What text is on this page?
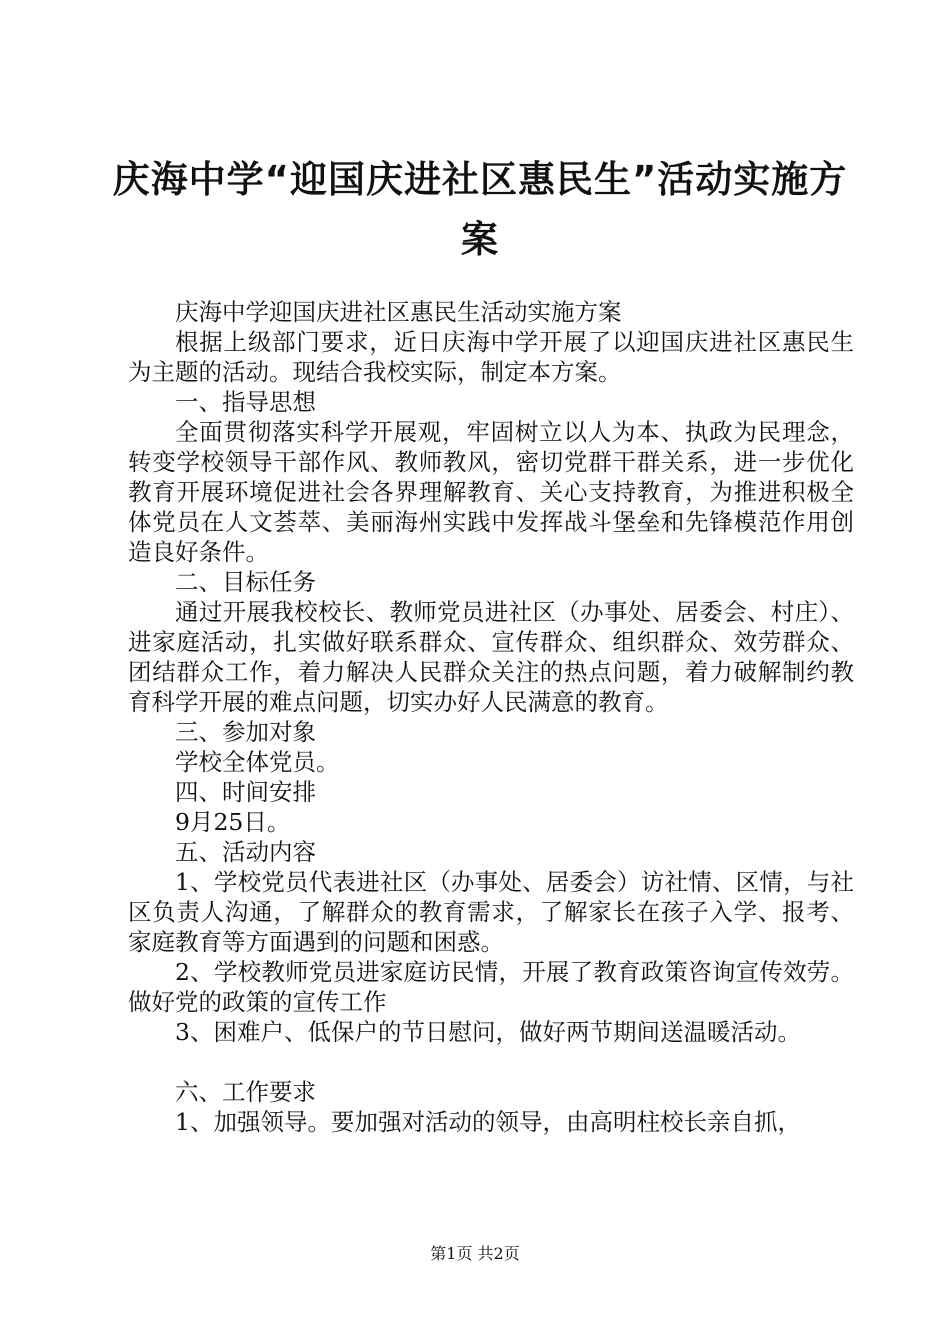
庆海中学“迎国庆进社区惠民生”活动实施方案

庆海中学迎国庆进社区惠民生活动实施方案

根据上级部门要求，近日庆海中学开展了以迎国庆进社区惠民生为主题的活动。现结合我校实际，制定本方案。

一、指导思想

全面贯彻落实科学开展观，牢固树立以人为本、执政为民理念，转变学校领导干部作风、教师教风，密切党群干群关系，进一步优化教育开展环境促进社会各界理解教育、关心支持教育，为推进积极全体党员在人文荟萃、美丽海州实践中发挥战斗堡垒和先锋模范作用创造良好条件。

二、目标任务

通过开展我校校长、教师党员进社区（办事处、居委会、村庄）、进家庭活动，扎实做好联系群众、宣传群众、组织群众、效劳群众、团结群众工作，着力解决人民群众关注的热点问题，着力破解制约教育科学开展的难点问题，切实办好人民满意的教育。

三、参加对象

学校全体党员。

四、时间安排

9月25日。

五、活动内容

1、学校党员代表进社区（办事处、居委会）访社情、区情，与社区负责人沟通，了解群众的教育需求，了解家长在孩子入学、报考、家庭教育等方面遇到的问题和困惑。

2、学校教师党员进家庭访民情，开展了教育政策咨询宣传效劳。做好党的政策的宣传工作

3、困难户、低保户的节日慰问，做好两节期间送温暖活动。

六、工作要求

1、加强领导。要加强对活动的领导，由高明柱校长亲自抓，

第1页 共2页
